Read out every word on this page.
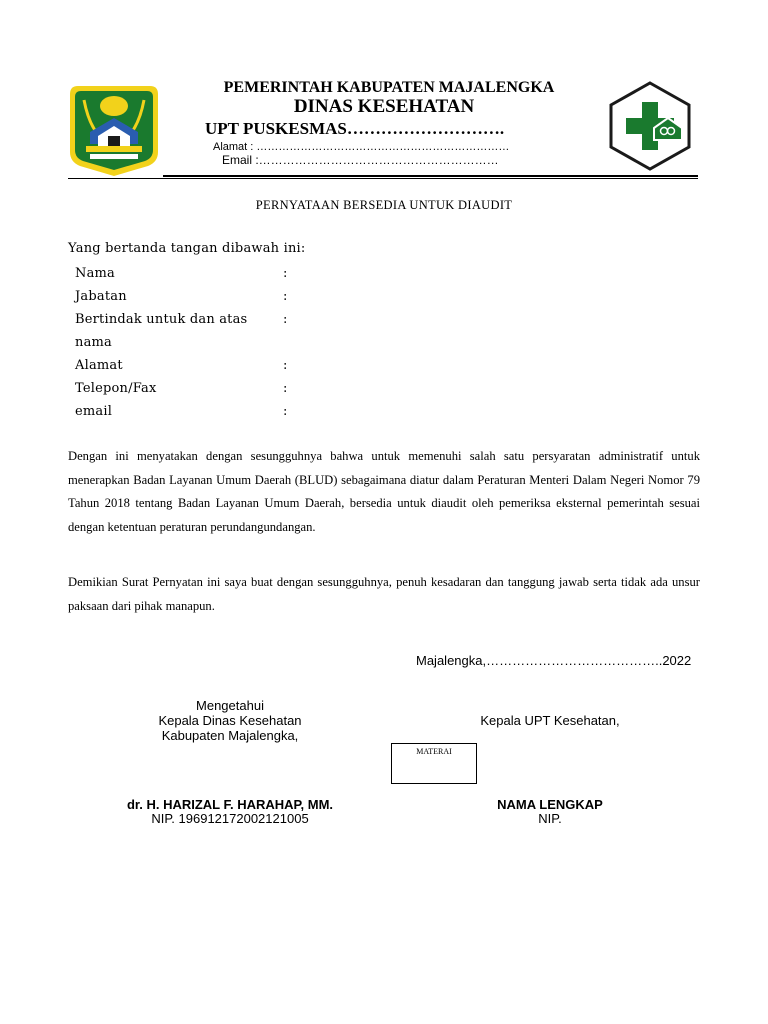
PEMERINTAH KABUPATEN MAJALENGKA
DINAS KESEHATAN
UPT PUSKESMAS……………………….
Alamat : ……………………………………………………………
Email :……………………………………………………
PERNYATAAN BERSEDIA UNTUK DIAUDIT
Yang bertanda tangan dibawah ini:
Nama	:
Jabatan	:
Bertindak untuk dan atas	:
nama
Alamat	:
Telepon/Fax	:
email	:
Dengan ini menyatakan dengan sesungguhnya bahwa untuk memenuhi salah satu persyaratan administratif untuk menerapkan Badan Layanan Umum Daerah (BLUD) sebagaimana diatur dalam Peraturan Menteri Dalam Negeri Nomor 79 Tahun 2018 tentang Badan Layanan Umum Daerah, bersedia untuk diaudit oleh pemeriksa eksternal pemerintah sesuai dengan ketentuan peraturan perundangundangan.
Demikian Surat Pernyatan ini saya buat dengan sesungguhnya, penuh kesadaran dan tanggung jawab serta tidak ada unsur paksaan dari pihak manapun.
Majalengka,…………………………………..2022
Mengetahui
Kepala Dinas Kesehatan
Kabupaten Majalengka,
dr. H. HARIZAL F. HARAHAP, MM.
NIP. 196912172002121005
Kepala UPT Kesehatan,
NAMA LENGKAP
NIP.
MATERAI
